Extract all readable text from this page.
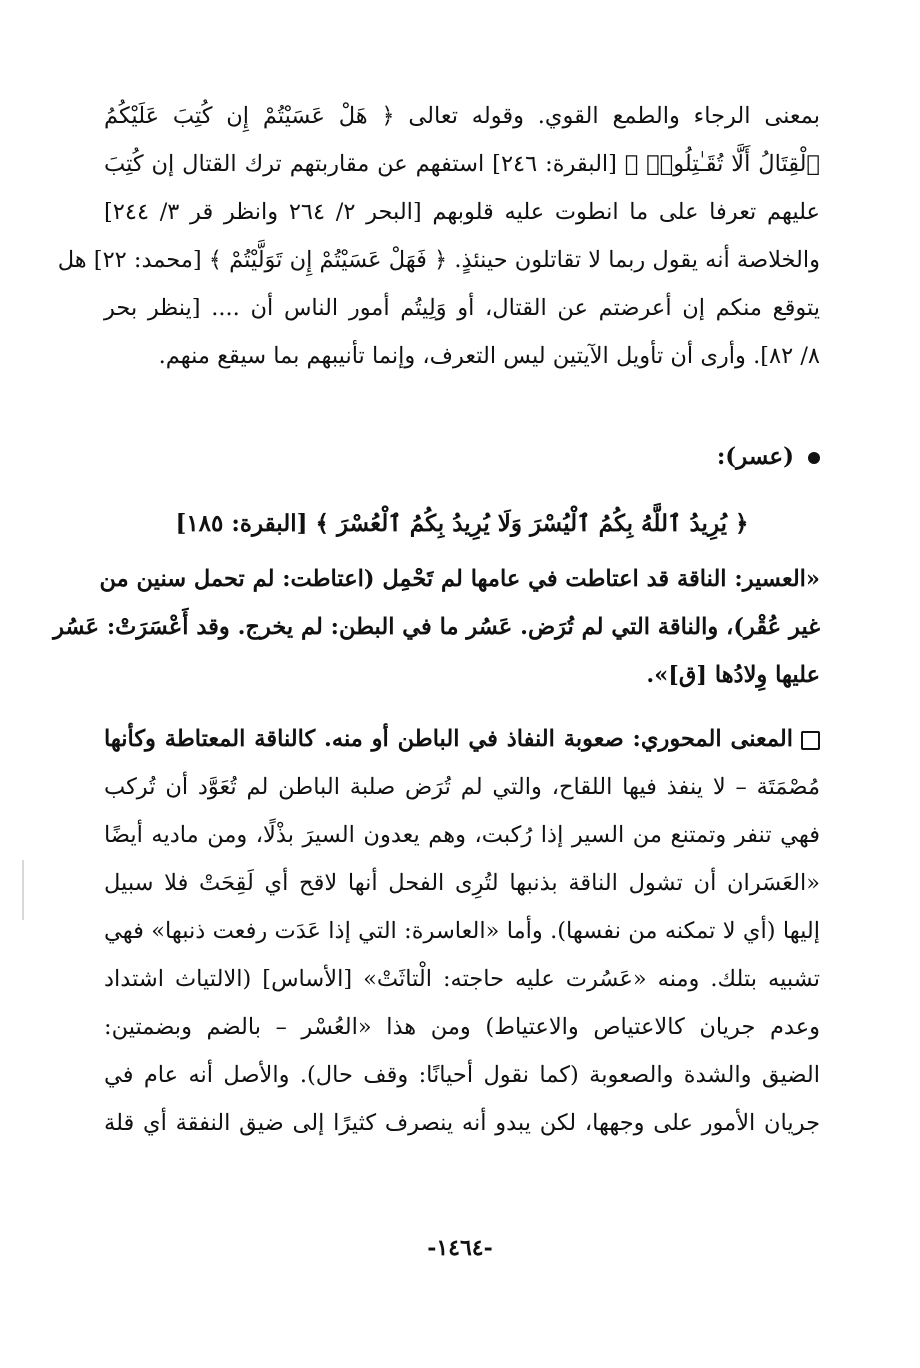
بمعنى الرجاء والطمع القوي. وقوله تعالى ﴿ هَلْ عَسَيْتُمْ إِن كُتِبَ عَلَيْكُمُ
ٱلْقِتَالُ أَلَّا تُقَـٰتِلُوا۟ ﴾ [البقرة: ٢٤٦] استفهم عن مقاربتهم ترك القتال إن كُتِبَ
عليهم تعرفا على ما انطوت عليه قلوبهم [البحر ٢/ ٢٦٤ وانظر قر ٣/ ٢٤٤]
والخلاصة أنه يقول ربما لا تقاتلون حينئذٍ. ﴿ فَهَلْ عَسَيْتُمْ إِن تَوَلَّيْتُمْ ﴾ [محمد: ٢٢] هل
يتوقع منكم إن أعرضتم عن القتال، أو وَلِيتُم أمور الناس أن .... [ينظر بحر
٨/ ٨٢]. وأرى أن تأويل الآيتين ليس التعرف، وإنما تأنيبهم بما سيقع منهم.
(عسر):
﴿ يُرِيدُ ٱللَّهُ بِكُمُ ٱلْيُسْرَ وَلَا يُرِيدُ بِكُمُ ٱلْعُسْرَ ﴾ [البقرة: ١٨٥]
«العسير: الناقة قد اعتاطت في عامها لم تَحْمِل (اعتاطت: لم تحمل سنين من
غير عُقْر)، والناقة التي لم تُرَض. عَسُر ما في البطن: لم يخرج. وقد أَعْسَرَتْ: عَسُر
عليها وِلادُها [ق]».
المعنى المحوري: صعوبة النفاذ في الباطن أو منه. كالناقة المعتاطة وكأنها
مُصْمَتَة – لا ينفذ فيها اللقاح، والتي لم تُرَض صلبة الباطن لم تُعَوَّد أن تُركب
فهي تنفر وتمتنع من السير إذا رُكبت، وهم يعدون السيرَ بذْلًا، ومن ماديه أيضًا
«العَسَران أن تشول الناقة بذنبها لتُرِى الفحل أنها لاقح أي لَقِحَتْ فلا سبيل
إليها (أي لا تمكنه من نفسها). وأما «العاسرة: التي إذا عَدَت رفعت ذنبها» فهي
تشبيه بتلك. ومنه «عَسُرت عليه حاجته: الْتاثَتْ» [الأساس] (الالتياث اشتداد
وعدم جريان كالاعتياص والاعتياط) ومن هذا «العُسْر – بالضم وبضمتين:
الضيق والشدة والصعوبة (كما نقول أحيانًا: وقف حال). والأصل أنه عام في
جريان الأمور على وجهها، لكن يبدو أنه ينصرف كثيرًا إلى ضيق النفقة أي قلة
-١٤٦٤-
